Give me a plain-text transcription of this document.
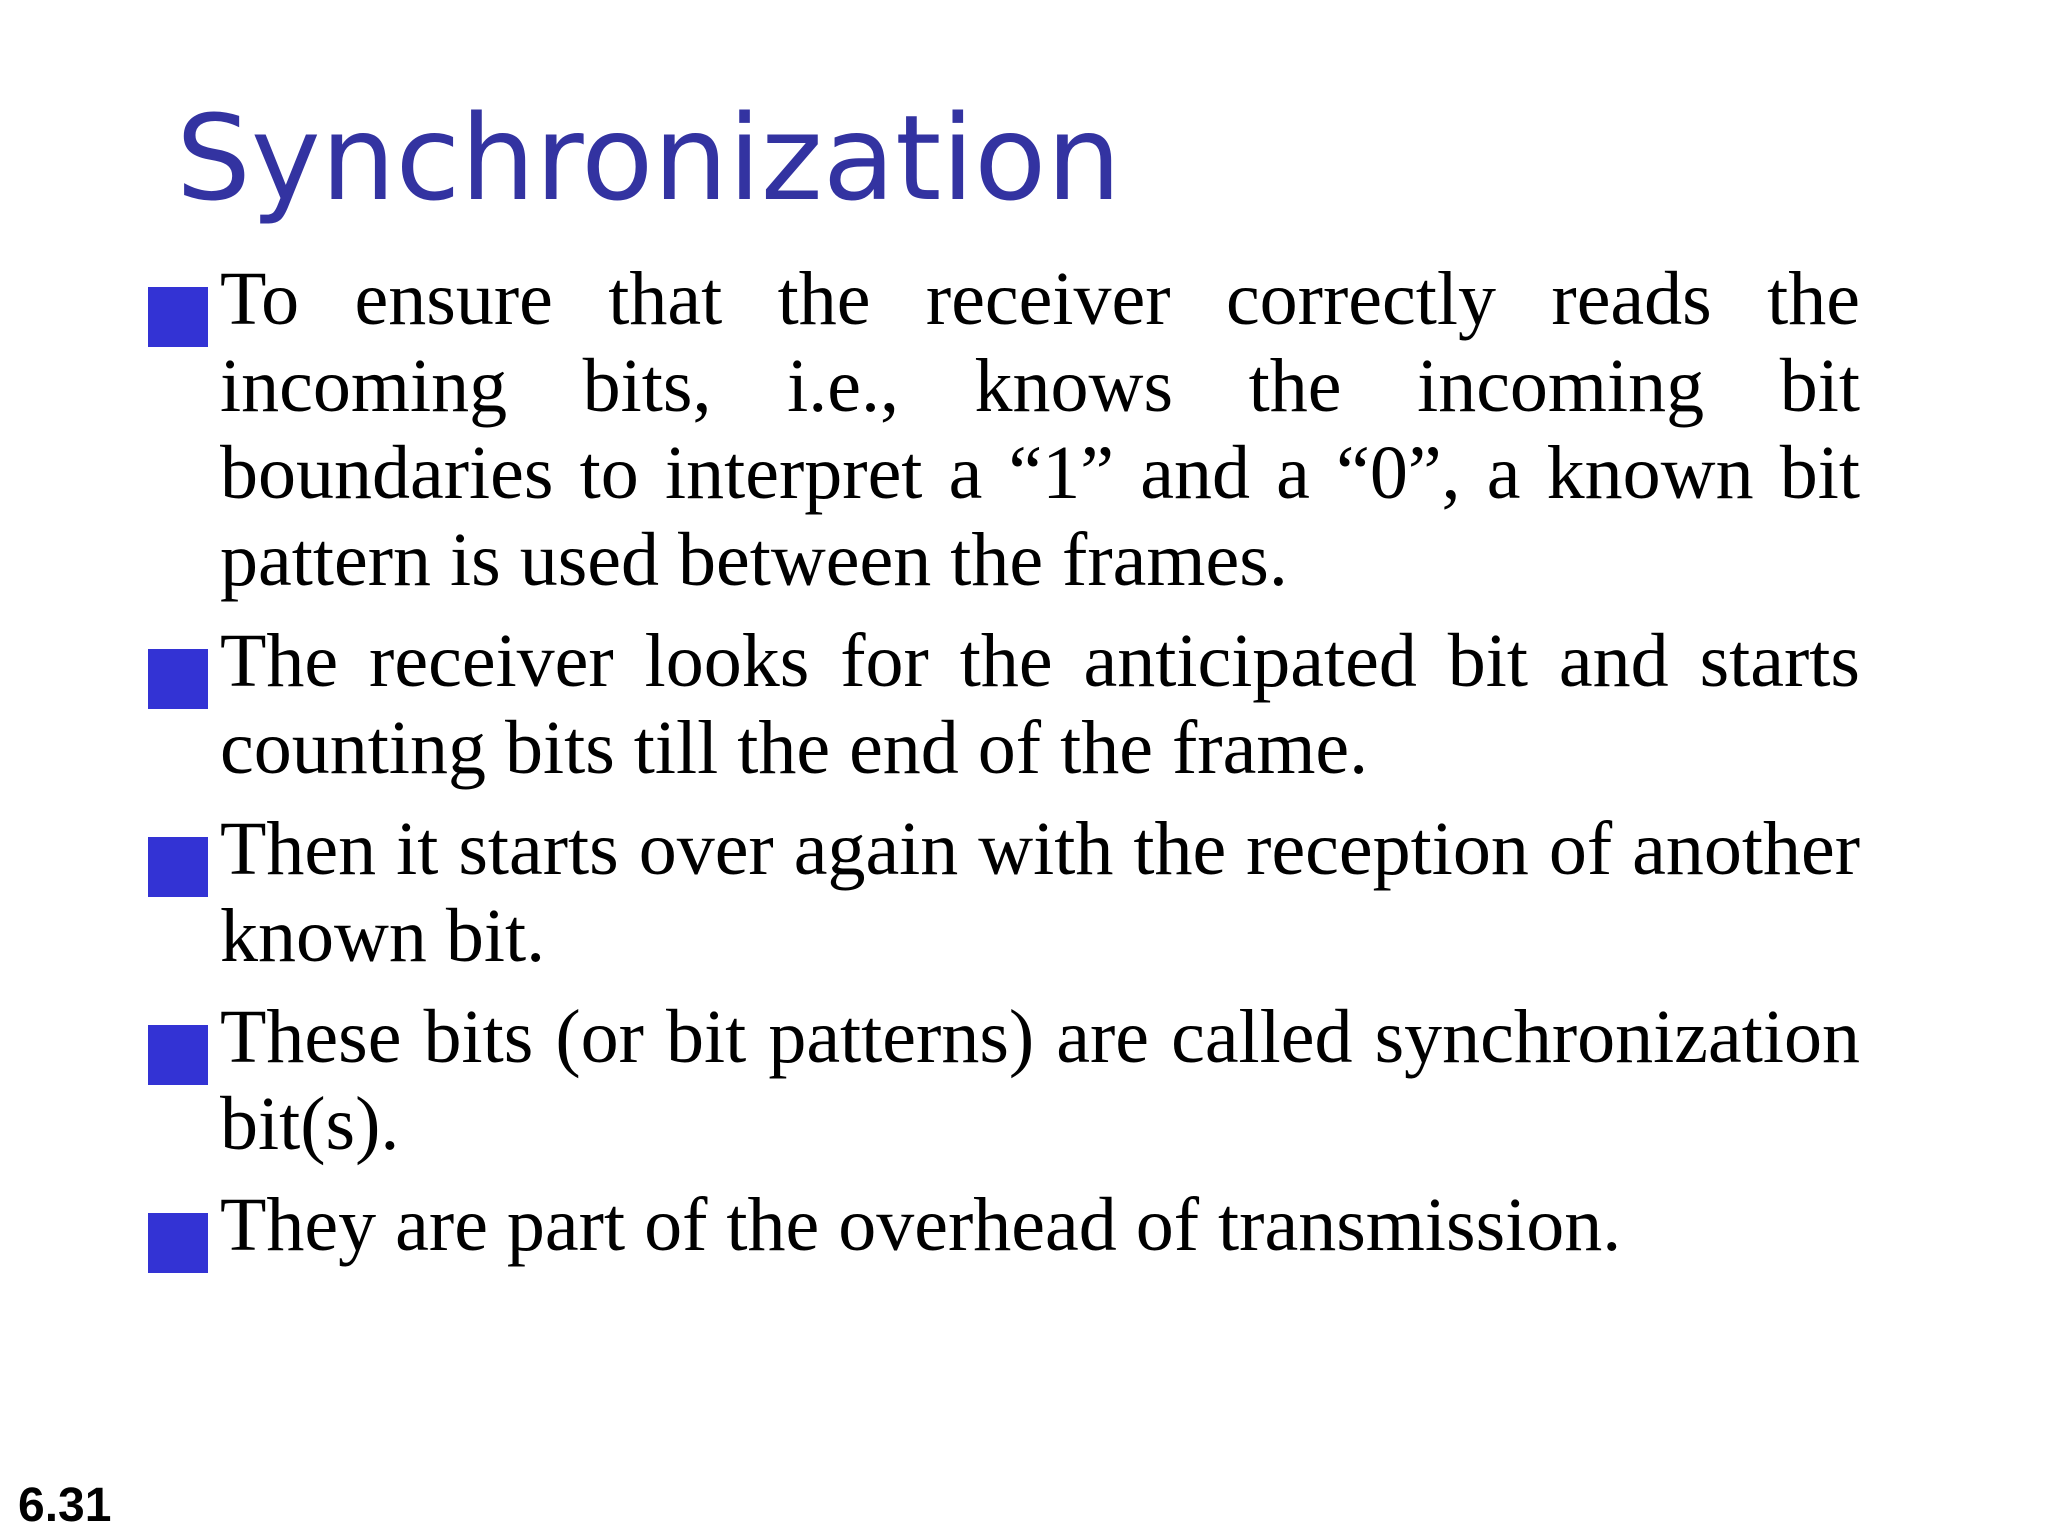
Synchronization
To ensure that the receiver correctly reads the incoming bits, i.e., knows the incoming bit boundaries to interpret a “1” and a “0”, a known bit pattern is used between the frames.
The receiver looks for the anticipated bit and starts counting bits till the end of the frame.
Then it starts over again with the reception of another known bit.
These bits (or bit patterns) are called synchronization bit(s).
They are part of the overhead of transmission.
6.31
